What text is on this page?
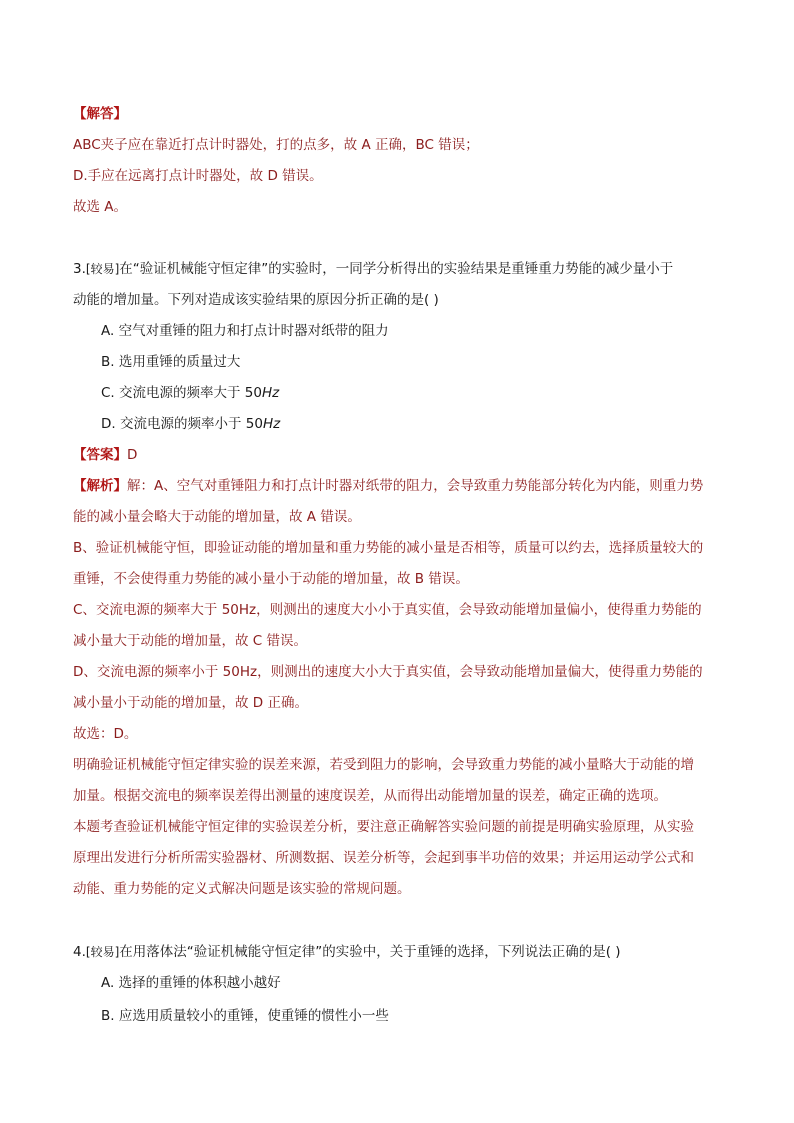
【解答】
ABC夹子应在靠近打点计时器处，打的点多，故 A 正确，BC 错误；
D.手应在远离打点计时器处，故 D 错误。
故选 A。
3.[较易]在“验证机械能守恒定律”的实验时，一同学分析得出的实验结果是重锤重力势能的减少量小于
动能的增加量。下列对造成该实验结果的原因分折正确的是( )
A. 空气对重锤的阻力和打点计时器对纸带的阻力
B. 选用重锤的质量过大
C. 交流电源的频率大于 50Hz
D. 交流电源的频率小于 50Hz
【答案】D
【解析】解：A、空气对重锤阻力和打点计时器对纸带的阻力，会导致重力势能部分转化为内能，则重力势
能的减小量会略大于动能的增加量，故 A 错误。
B、验证机械能守恒，即验证动能的增加量和重力势能的减小量是否相等，质量可以约去，选择质量较大的
重锤，不会使得重力势能的减小量小于动能的增加量，故 B 错误。
C、交流电源的频率大于 50Hz，则测出的速度大小小于真实值，会导致动能增加量偏小，使得重力势能的
减小量大于动能的增加量，故 C 错误。
D、交流电源的频率小于 50Hz，则测出的速度大小大于真实值，会导致动能增加量偏大，使得重力势能的
减小量小于动能的增加量，故 D 正确。
故选：D。
明确验证机械能守恒定律实验的误差来源，若受到阻力的影响，会导致重力势能的减小量略大于动能的增
加量。根据交流电的频率误差得出测量的速度误差，从而得出动能增加量的误差，确定正确的选项。
本题考查验证机械能守恒定律的实验误差分析，要注意正确解答实验问题的前提是明确实验原理，从实验
原理出发进行分析所需实验器材、所测数据、误差分析等，会起到事半功倍的效果；并运用运动学公式和
动能、重力势能的定义式解决问题是该实验的常规问题。
4.[较易]在用落体法“验证机械能守恒定律”的实验中，关于重锤的选择，下列说法正确的是( )
A. 选择的重锤的体积越小越好
B. 应选用质量较小的重锤，使重锤的惯性小一些
